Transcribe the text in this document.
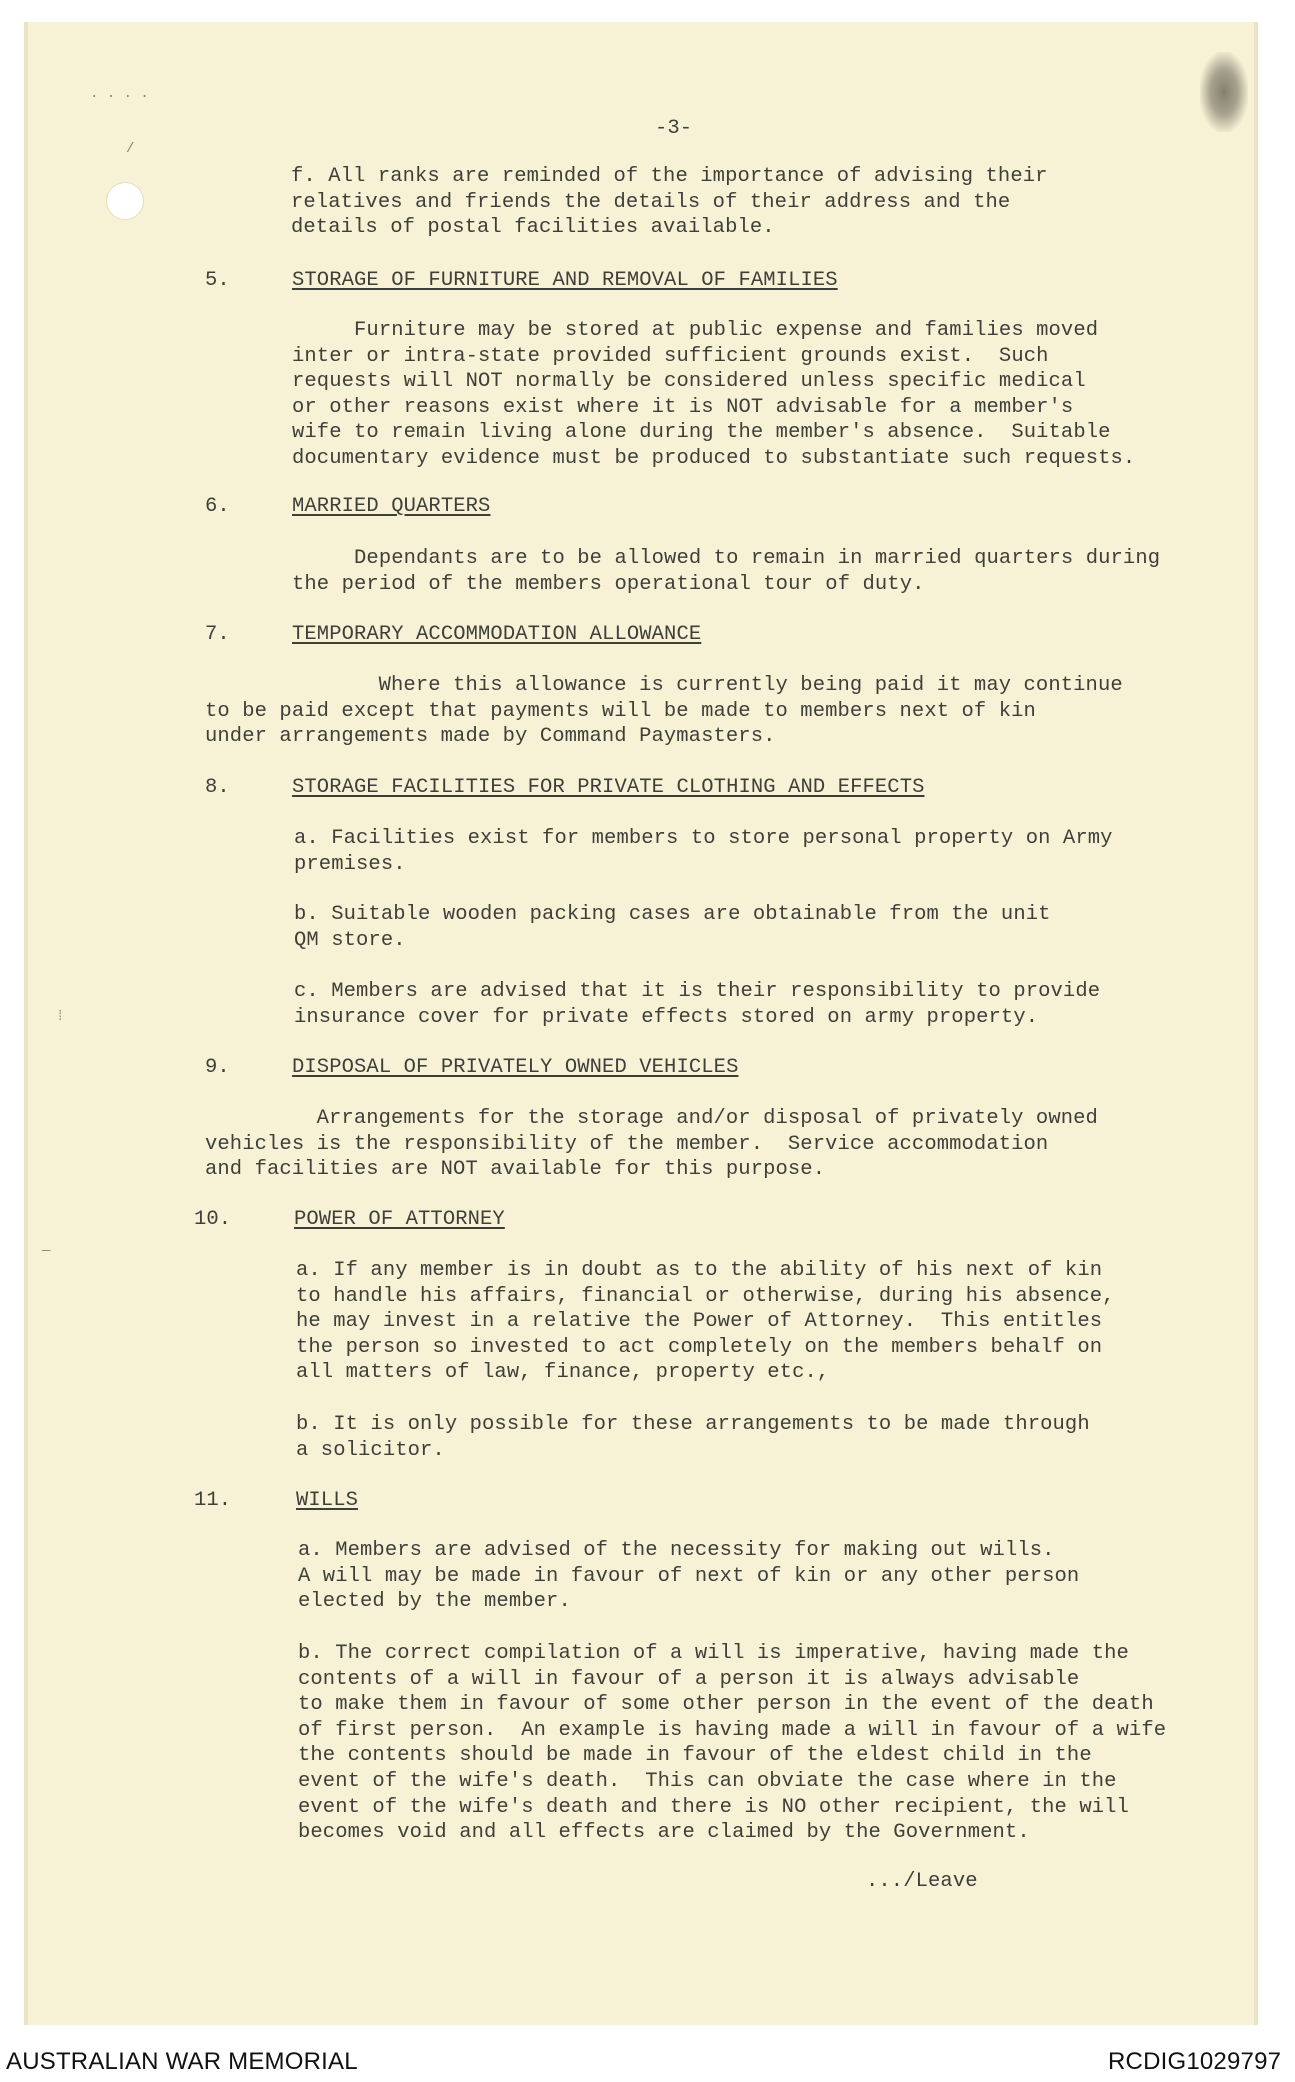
· · · ·
/
⁞
—
-3-
f. All ranks are reminded of the importance of advising their
relatives and friends the details of their address and the
details of postal facilities available.
5.	STORAGE OF FURNITURE AND REMOVAL OF FAMILIES
Furniture may be stored at public expense and families moved
inter or intra-state provided sufficient grounds exist.  Such
requests will NOT normally be considered unless specific medical
or other reasons exist where it is NOT advisable for a member's
wife to remain living alone during the member's absence.  Suitable
documentary evidence must be produced to substantiate such requests.
6.	MARRIED QUARTERS
Dependants are to be allowed to remain in married quarters during
the period of the members operational tour of duty.
7.	TEMPORARY ACCOMMODATION ALLOWANCE
Where this allowance is currently being paid it may continue
to be paid except that payments will be made to members next of kin
under arrangements made by Command Paymasters.
8.	STORAGE FACILITIES FOR PRIVATE CLOTHING AND EFFECTS
a. Facilities exist for members to store personal property on Army
premises.
b. Suitable wooden packing cases are obtainable from the unit
QM store.
c. Members are advised that it is their responsibility to provide
insurance cover for private effects stored on army property.
9.	DISPOSAL OF PRIVATELY OWNED VEHICLES
Arrangements for the storage and/or disposal of privately owned
vehicles is the responsibility of the member.  Service accommodation
and facilities are NOT available for this purpose.
10.	POWER OF ATTORNEY
a. If any member is in doubt as to the ability of his next of kin
to handle his affairs, financial or otherwise, during his absence,
he may invest in a relative the Power of Attorney.  This entitles
the person so invested to act completely on the members behalf on
all matters of law, finance, property etc.,
b. It is only possible for these arrangements to be made through
a solicitor.
11.	WILLS
a. Members are advised of the necessity for making out wills.
A will may be made in favour of next of kin or any other person
elected by the member.
b. The correct compilation of a will is imperative, having made the
contents of a will in favour of a person it is always advisable
to make them in favour of some other person in the event of the death
of first person.  An example is having made a will in favour of a wife
the contents should be made in favour of the eldest child in the
event of the wife's death.  This can obviate the case where in the
event of the wife's death and there is NO other recipient, the will
becomes void and all effects are claimed by the Government.
.../Leave
AUSTRALIAN WAR MEMORIAL	RCDIG1029797
